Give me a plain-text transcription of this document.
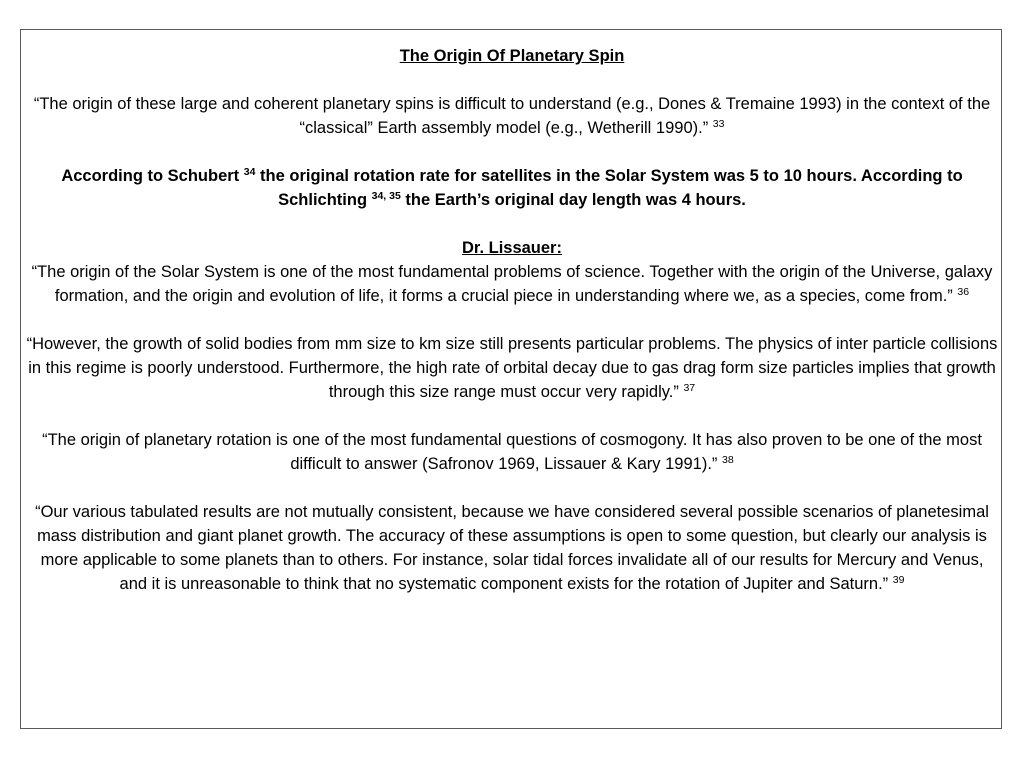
The Origin Of Planetary Spin

“The origin of these large and coherent planetary spins is difficult to understand (e.g., Dones & Tremaine 1993) in the context of the “classical” Earth assembly model (e.g., Wetherill 1990).” $^{33}$

According to Schubert $^{34}$ the original rotation rate for satellites in the Solar System was 5 to 10 hours. According to Schlichting $^{34, 35}$ the Earth’s original day length was 4 hours.

Dr. Lissauer:
“The origin of the Solar System is one of the most fundamental problems of science. Together with the origin of the Universe, galaxy formation, and the origin and evolution of life, it forms a crucial piece in understanding where we, as a species, come from.” $^{36}$

“However, the growth of solid bodies from mm size to km size still presents particular problems. The physics of inter particle collisions in this regime is poorly understood. Furthermore, the high rate of orbital decay due to gas drag form size particles implies that growth through this size range must occur very rapidly.” $^{37}$

“The origin of planetary rotation is one of the most fundamental questions of cosmogony. It has also proven to be one of the most difficult to answer (Safronov 1969, Lissauer & Kary 1991).” $^{38}$

“Our various tabulated results are not mutually consistent, because we have considered several possible scenarios of planetesimal mass distribution and giant planet growth. The accuracy of these assumptions is open to some question, but clearly our analysis is more applicable to some planets than to others. For instance, solar tidal forces invalidate all of our results for Mercury and Venus, and it is unreasonable to think that no systematic component exists for the rotation of Jupiter and Saturn.” $^{39}$
